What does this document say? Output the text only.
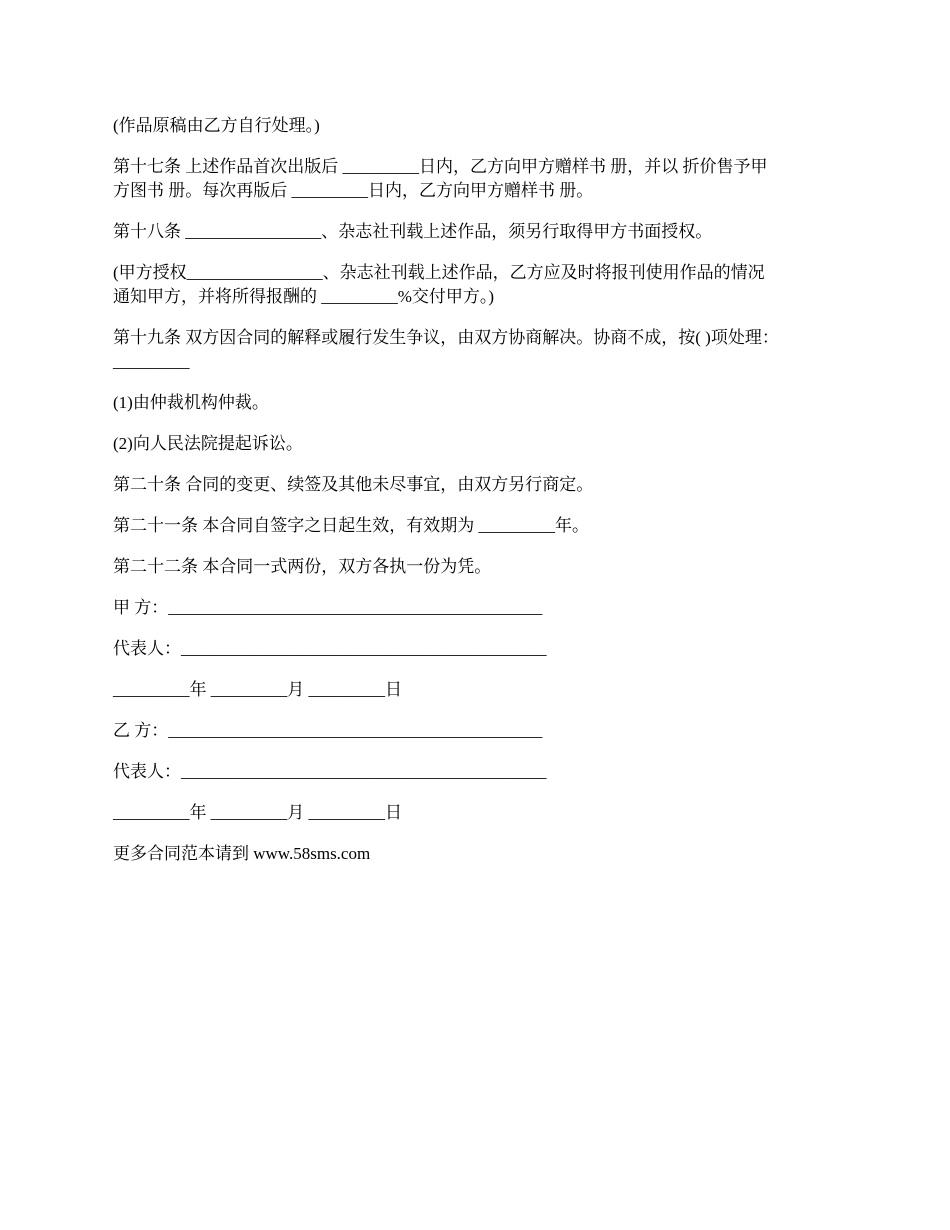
(作品原稿由乙方自行处理。)

第十七条 上述作品首次出版后 _________日内，乙方向甲方赠样书 册，并以 折价售予甲
方图书 册。每次再版后 _________日内，乙方向甲方赠样书 册。

第十八条 ________________、杂志社刊载上述作品，须另行取得甲方书面授权。

(甲方授权________________、杂志社刊载上述作品，乙方应及时将报刊使用作品的情况
通知甲方，并将所得报酬的 _________%交付甲方。)

第十九条 双方因合同的解释或履行发生争议，由双方协商解决。协商不成，按( )项处理：
_________

(1)由仲裁机构仲裁。

(2)向人民法院提起诉讼。

第二十条 合同的变更、续签及其他未尽事宜，由双方另行商定。

第二十一条 本合同自签字之日起生效，有效期为 _________年。

第二十二条 本合同一式两份，双方各执一份为凭。

甲 方：____________________________________________

代表人：___________________________________________

_________年 _________月 _________日

乙 方：____________________________________________

代表人：___________________________________________

_________年 _________月 _________日

更多合同范本请到 www.58sms.com
